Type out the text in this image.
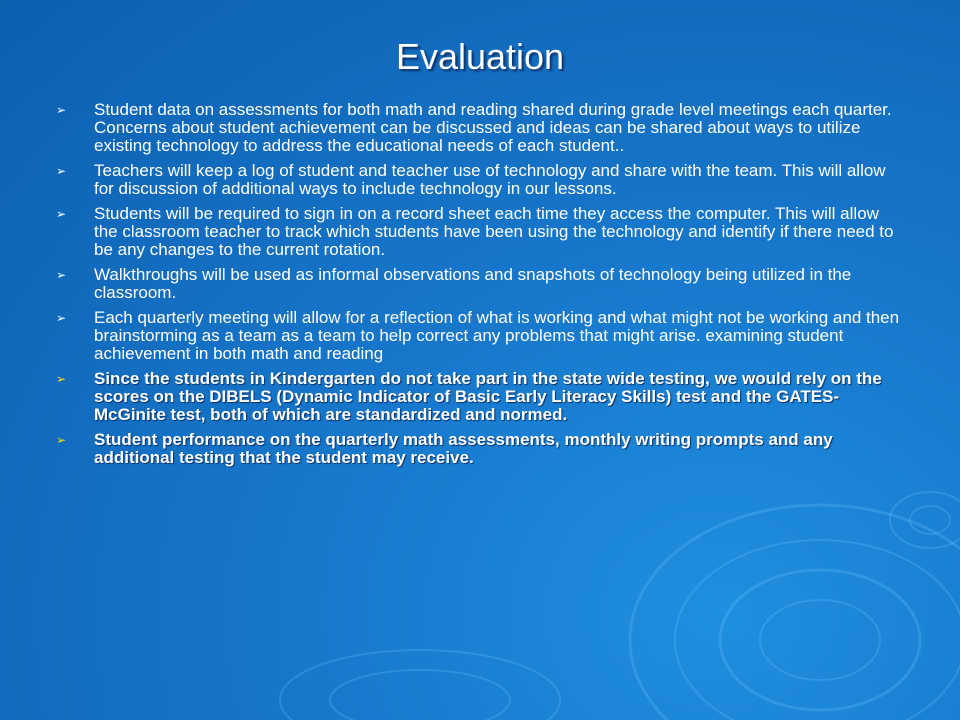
Evaluation
➢	Student data on assessments for both math and reading shared during grade level meetings each quarter. Concerns about student achievement can be discussed and ideas can be shared about ways to utilize existing technology to address the educational needs of each student..
➢	Teachers will keep a log of student and teacher use of technology and share with the team. This will allow for discussion of additional ways to include technology in our lessons.
➢	Students will be required to sign in on a record sheet each time they access the computer. This will allow the classroom teacher to track which students have been using the technology and identify if there need to be any changes to the current rotation.
➢	Walkthroughs will be used as informal observations and snapshots of technology being utilized in the classroom.
➢	Each quarterly meeting will allow for a reflection of what is working and what might not be working and then brainstorming as a team as a team to help correct any problems that might arise. examining student achievement in both math and reading
➢	Since the students in Kindergarten do not take part in the state wide testing, we would rely on the scores on the DIBELS (Dynamic Indicator of Basic Early Literacy Skills) test and the GATES-McGinite test, both of which are standardized and normed.
➢	Student performance on the quarterly math assessments, monthly writing prompts and any additional testing that the student may receive.
